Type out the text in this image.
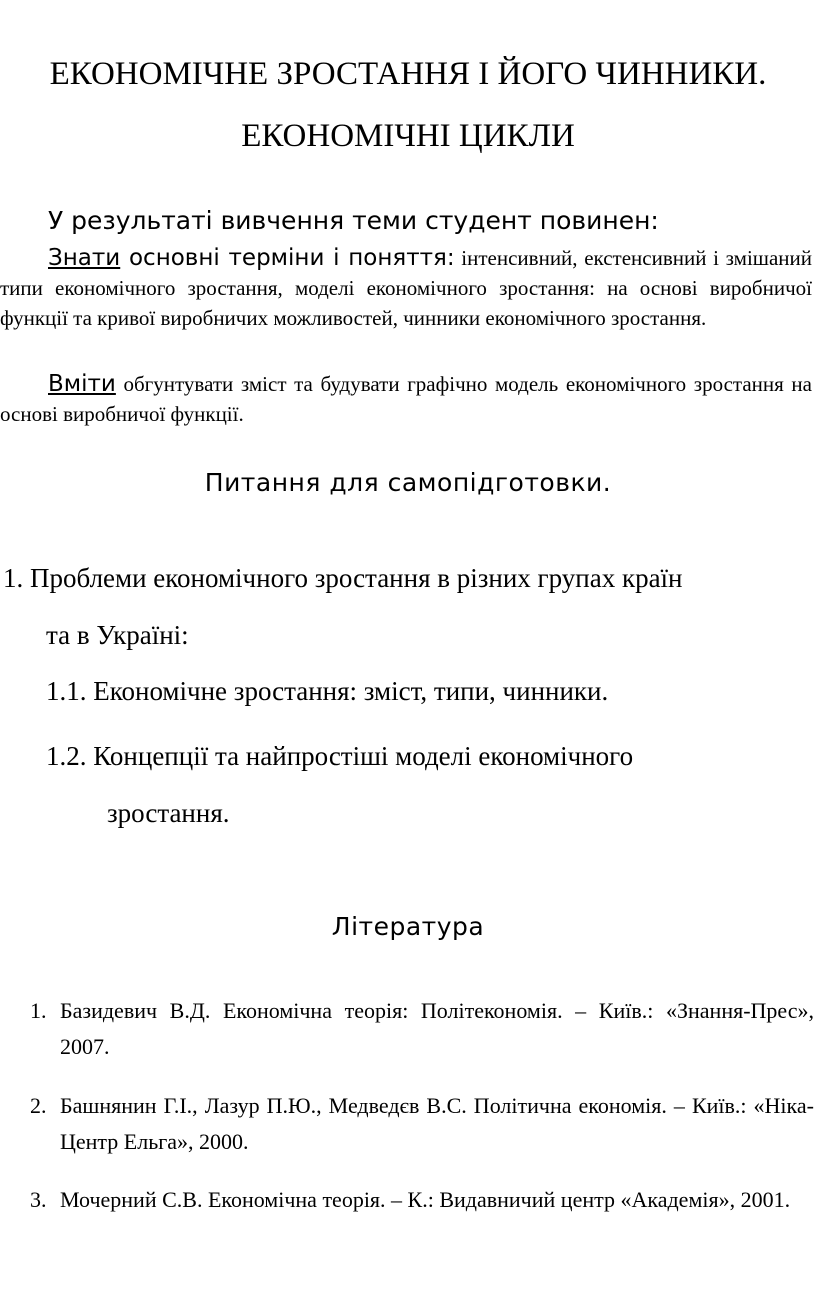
ЕКОНОМІЧНЕ ЗРОСТАННЯ І ЙОГО ЧИННИКИ.
ЕКОНОМІЧНІ ЦИКЛИ
У результаті вивчення теми студент повинен:
Знати основні терміни і поняття: інтенсивний, екстенсивний і змішаний типи економічного зростання, моделі економічного зростання: на основі виробничої функції та кривої виробничих можливостей, чинники економічного зростання.
Вміти обгунтувати зміст та будувати графічно модель економічного зростання на основі виробничої функції.
Питання для самопідготовки.
1. Проблеми економічного зростання в різних групах країн
та в Україні:
1.1. Економічне зростання: зміст, типи, чинники.
1.2. Концепції та найпростіші моделі економічного
зростання.
Література
1. Базидевич В.Д. Економічна теорія: Політекономія. – Київ.: «Знання-Прес», 2007.
2. Башнянин Г.І., Лазур П.Ю., Медведєв В.С. Політична економія. – Київ.: «Ніка-Центр Ельга», 2000.
3. Мочерний С.В. Економічна теорія. – К.: Видавничий центр «Академія», 2001.
